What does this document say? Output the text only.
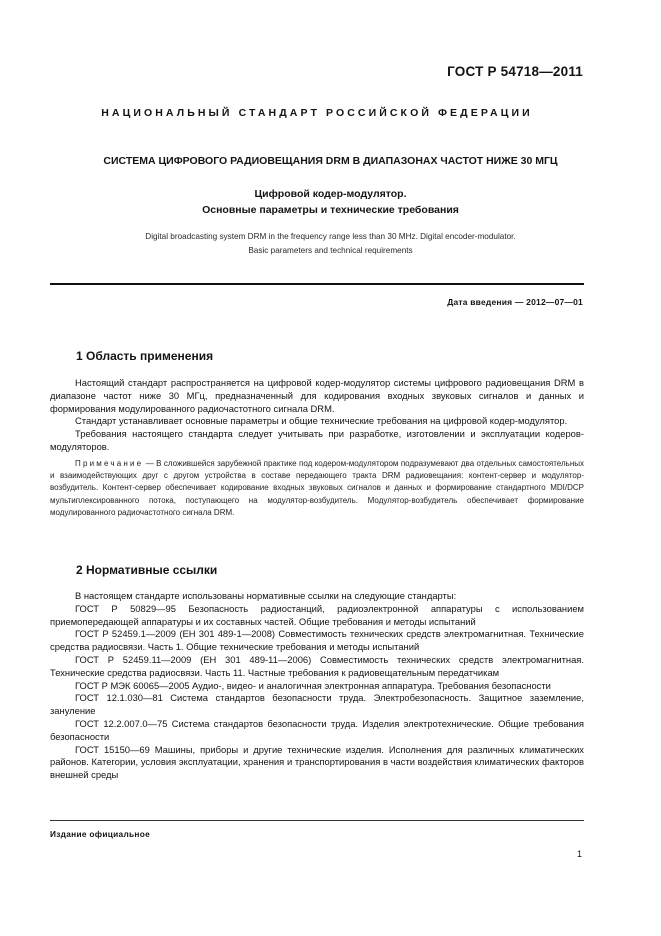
ГОСТ Р 54718—2011
НАЦИОНАЛЬНЫЙ СТАНДАРТ РОССИЙСКОЙ ФЕДЕРАЦИИ
СИСТЕМА ЦИФРОВОГО РАДИОВЕЩАНИЯ DRM В ДИАПАЗОНАХ ЧАСТОТ НИЖЕ 30 МГЦ
Цифровой кодер-модулятор.
Основные параметры и технические требования
Digital broadcasting system DRM in the frequency range less than 30 MHz. Digital encoder-modulator.
Basic parameters and technical requirements
Дата введения — 2012—07—01
1 Область применения

Настоящий стандарт распространяется на цифровой кодер-модулятор системы цифрового радиовещания DRM в диапазоне частот ниже 30 МГц, предназначенный для кодирования входных звуковых сигналов и данных и формирования модулированного радиочастотного сигнала DRM.

Стандарт устанавливает основные параметры и общие технические требования на цифровой кодер-модулятор.

Требования настоящего стандарта следует учитывать при разработке, изготовлении и эксплуатации кодеров-модуляторов.

Примечание — В сложившейся зарубежной практике под кодером-модулятором подразумевают два отдельных самостоятельных и взаимодействующих друг с другом устройства в составе передающего тракта DRM радиовещания: контент-сервер и модулятор-возбудитель. Контент-сервер обеспечивает кодирование входных звуковых сигналов и данных и формирование стандартного MDI/DCP мультиплексированного потока, поступающего на модулятор-возбудитель. Модулятор-возбудитель обеспечивает формирование модулированного радиочастотного сигнала DRM.

2 Нормативные ссылки

В настоящем стандарте использованы нормативные ссылки на следующие стандарты:

ГОСТ Р 50829—95 Безопасность радиостанций, радиоэлектронной аппаратуры с использованием приемопередающей аппаратуры и их составных частей. Общие требования и методы испытаний

ГОСТ Р 52459.1—2009 (ЕН 301 489-1—2008) Совместимость технических средств электромагнитная. Технические средства радиосвязи. Часть 1. Общие технические требования и методы испытаний

ГОСТ Р 52459.11—2009 (ЕН 301 489-11—2006) Совместимость технических средств электромагнитная. Технические средства радиосвязи. Часть 11. Частные требования к радиовещательным передатчикам

ГОСТ Р МЭК 60065—2005 Аудио-, видео- и аналогичная электронная аппаратура. Требования безопасности

ГОСТ 12.1.030—81 Система стандартов безопасности труда. Электробезопасность. Защитное заземление, зануление

ГОСТ 12.2.007.0—75 Система стандартов безопасности труда. Изделия электротехнические. Общие требования безопасности

ГОСТ 15150—69 Машины, приборы и другие технические изделия. Исполнения для различных климатических районов. Категории, условия эксплуатации, хранения и транспортирования в части воздействия климатических факторов внешней среды

Издание официальное
1
